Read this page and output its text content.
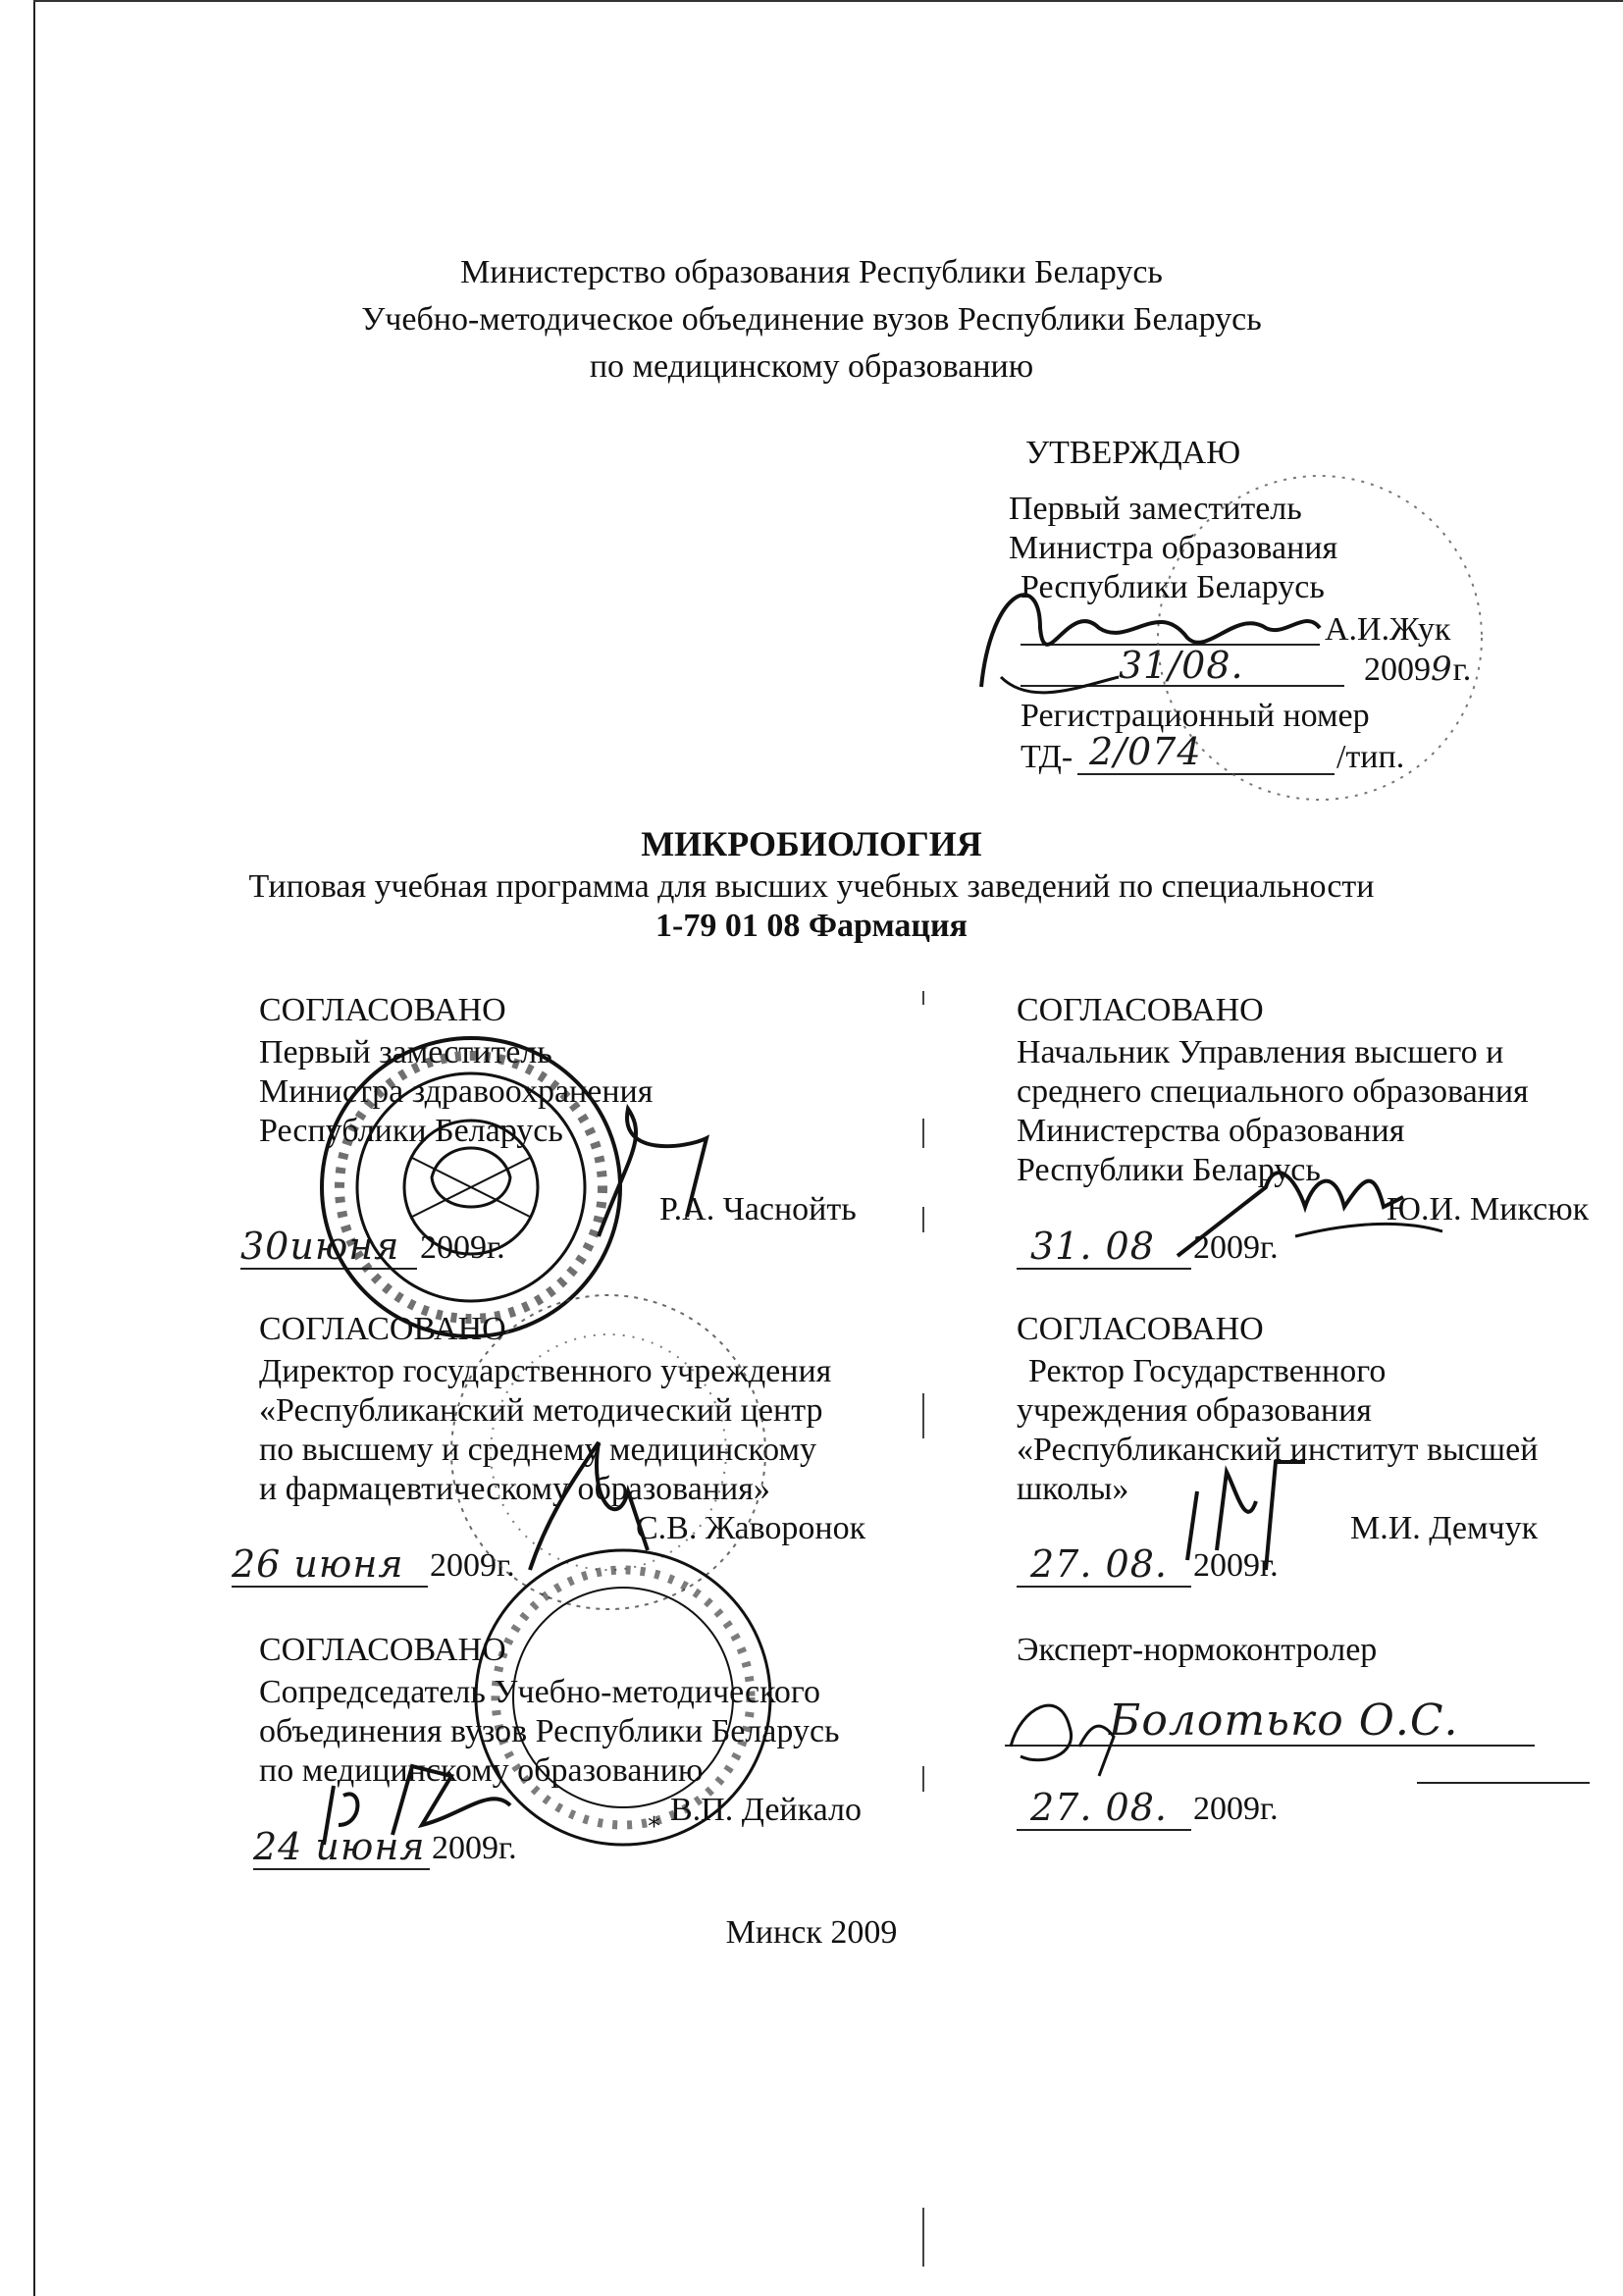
Министерство образования Республики Беларусь
Учебно-методическое объединение вузов Республики Беларусь
по медицинскому образованию
УТВЕРЖДАЮ
Первый заместитель
Министра образования
Республики Беларусь
А.И.Жук
31/08.	20099г.
Регистрационный номер
ТД- 2/074	/тип.
МИКРОБИОЛОГИЯ
Типовая учебная программа для высших учебных заведений по специальности
1-79 01 08 Фармация
СОГЛАСОВАНО
Первый заместитель
Министра здравоохранения
Республики Беларусь
Р.А. Часнойть
30июня 2009г.
СОГЛАСОВАНО
Начальник Управления высшего и
среднего специального образования
Министерства образования
Республики Беларусь
Ю.И. Миксюк
31. 08 2009г.
СОГЛАСОВАНО
Директор государственного учреждения
«Республиканский методический центр
по высшему и среднему медицинскому
и фармацевтическому образования»
С.В. Жаворонок
26 июня 2009г.
СОГЛАСОВАНО
Ректор Государственного
учреждения образования
«Республиканский институт высшей
школы»
М.И. Демчук
27. 08. 2009г.
СОГЛАСОВАНО
Сопредседатель Учебно-методического
объединения вузов Республики Беларусь
по медицинскому образованию
В.П. Дейкало
24 июня 2009г.
Эксперт-нормоконтролер
Болотько О.С.
27. 08. 2009г.
Минск 2009
*
